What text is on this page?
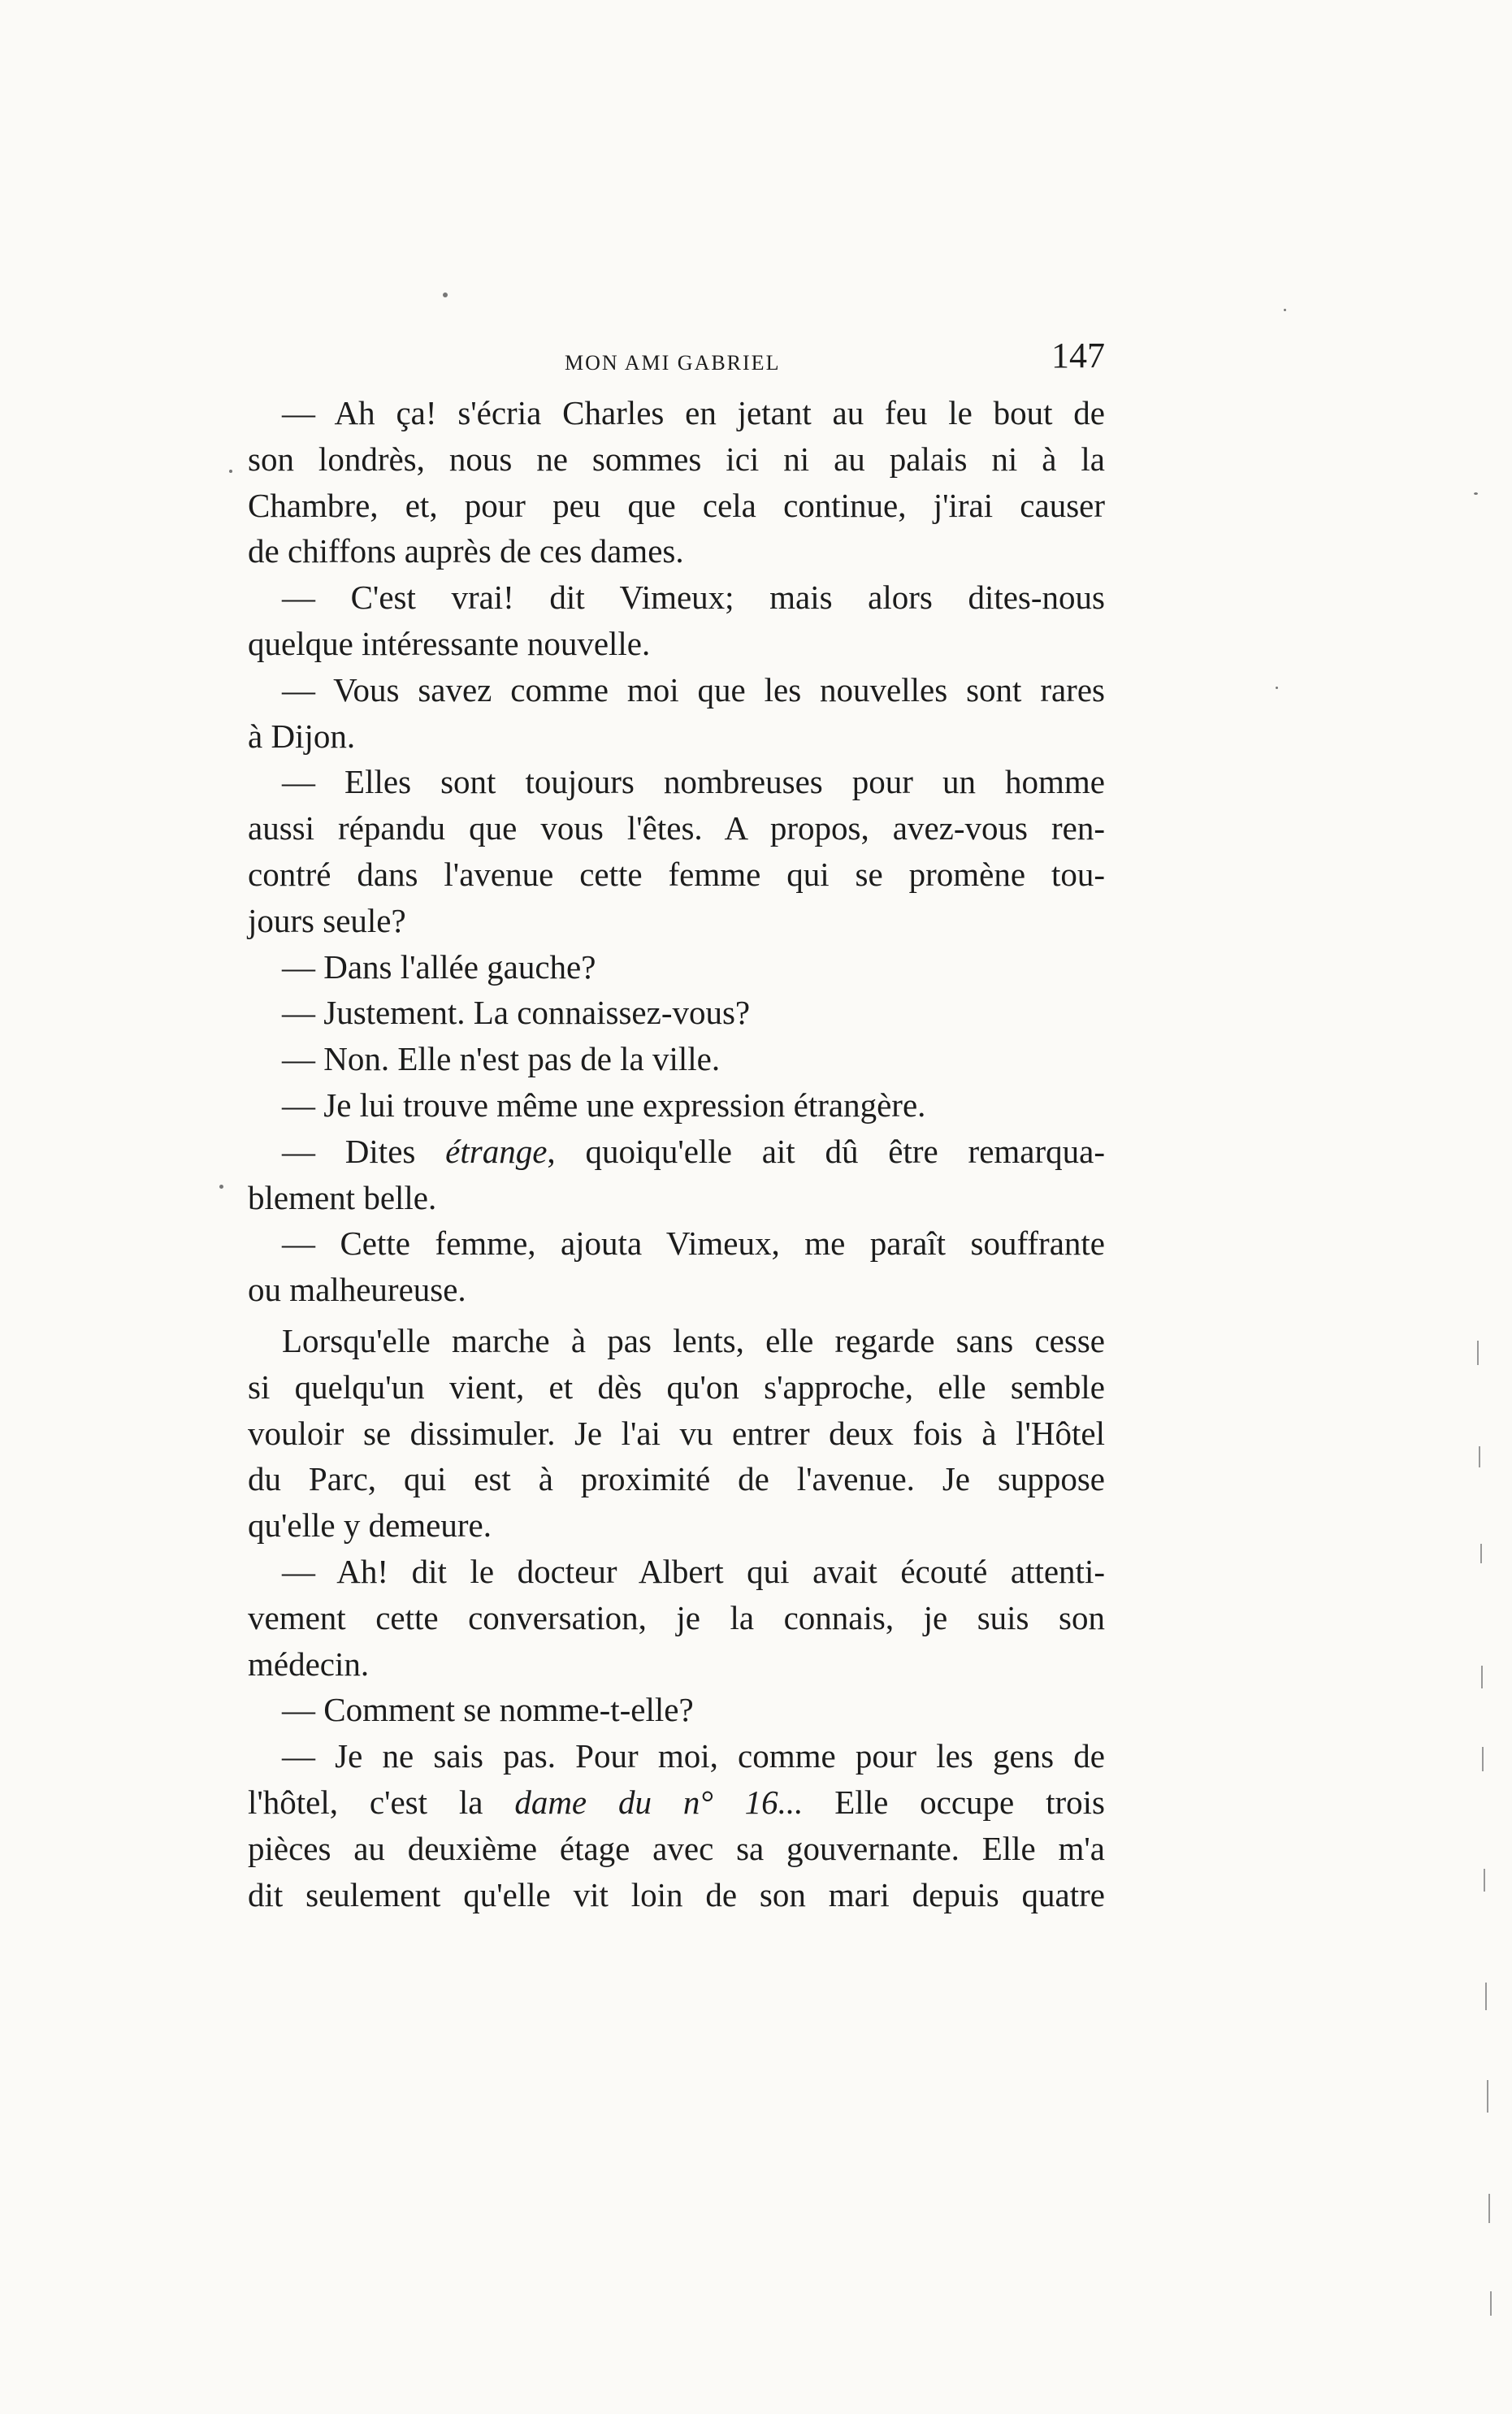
MON AMI GABRIEL	147
— Ah ça! s'écria Charles en jetant au feu le bout de
son londrès, nous ne sommes ici ni au palais ni à la
Chambre, et, pour peu que cela continue, j'irai causer
de chiffons auprès de ces dames.
— C'est vrai! dit Vimeux; mais alors dites-nous
quelque intéressante nouvelle.
— Vous savez comme moi que les nouvelles sont rares
à Dijon.
— Elles sont toujours nombreuses pour un homme
aussi répandu que vous l'êtes. A propos, avez-vous ren-
contré dans l'avenue cette femme qui se promène tou-
jours seule?
— Dans l'allée gauche?
— Justement. La connaissez-vous?
— Non. Elle n'est pas de la ville.
— Je lui trouve même une expression étrangère.
— Dites étrange, quoiqu'elle ait dû être remarqua-
blement belle.
— Cette femme, ajouta Vimeux, me paraît souffrante
ou malheureuse.
Lorsqu'elle marche à pas lents, elle regarde sans cesse
si quelqu'un vient, et dès qu'on s'approche, elle semble
vouloir se dissimuler. Je l'ai vu entrer deux fois à l'Hôtel
du Parc, qui est à proximité de l'avenue. Je suppose
qu'elle y demeure.
— Ah! dit le docteur Albert qui avait écouté attenti-
vement cette conversation, je la connais, je suis son
médecin.
— Comment se nomme-t-elle?
— Je ne sais pas. Pour moi, comme pour les gens de
l'hôtel, c'est la dame du n° 16... Elle occupe trois
pièces au deuxième étage avec sa gouvernante. Elle m'a
dit seulement qu'elle vit loin de son mari depuis quatre
